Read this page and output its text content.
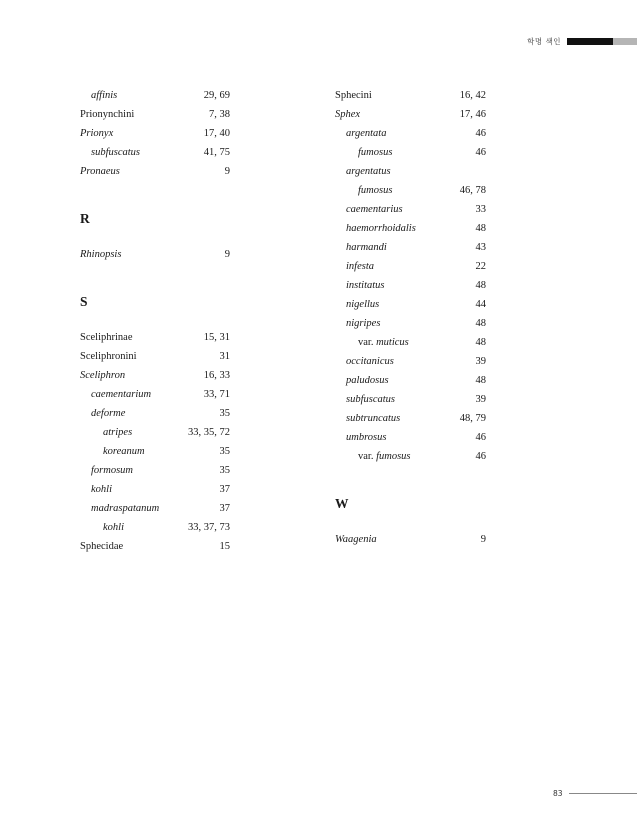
학명 색인
affinis	29, 69
Prionynchini	7, 38
Prionyx	17, 40
subfuscatus	41, 75
Pronaeus	9
R
Rhinopsis	9
S
Sceliphrinae	15, 31
Sceliphronini	31
Sceliphron	16, 33
caementarium	33, 71
deforme	35
atripes	33, 35, 72
koreanum	35
formosum	35
kohli	37
madraspatanum	37
kohli	33, 37, 73
Sphecidae	15
Sphecini	16, 42
Sphex	17, 46
argentata	46
fumosus	46
argentatus
fumosus	46, 78
caementarius	33
haemorrhoidalis	48
harmandi	43
infesta	22
institatus	48
nigellus	44
nigripes	48
var. muticus	48
occitanicus	39
paludosus	48
subfuscatus	39
subtruncatus	48, 79
umbrosus	46
var. fumosus	46
W
Waagenia	9
83
